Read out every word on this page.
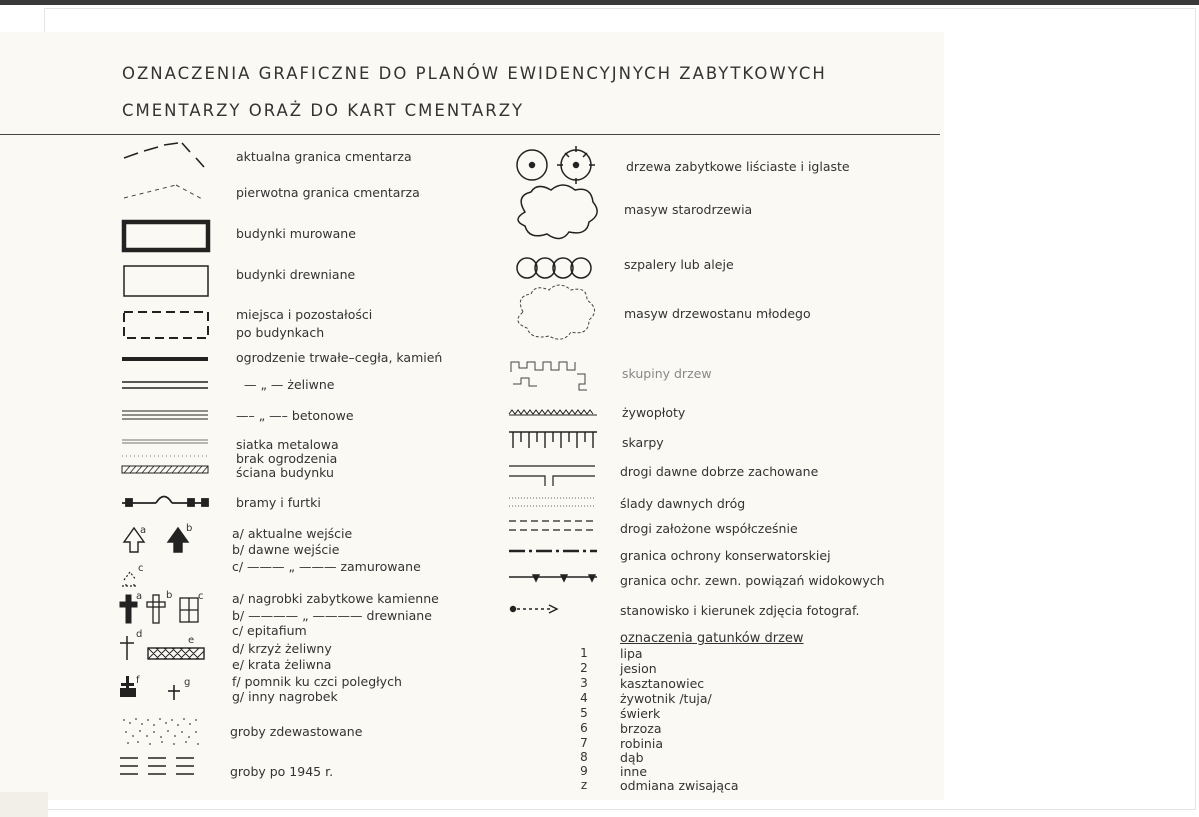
OZNACZENIA GRAFICZNE DO PLANÓW EWIDENCYJNYCH ZABYTKOWYCH
CMENTARZY ORAŻ DO KART CMENTARZY
a	b
c
a b	c
d
e
f	g
aktualna granica cmentarza
pierwotna granica cmentarza
budynki murowane
budynki drewniane
miejsca i pozostałości
po budynkach
ogrodzenie trwałe–cegła, kamień
— „ — żeliwne
—– „ —– betonowe
siatka metalowa
brak ogrodzenia
ściana budynku
bramy i furtki
a/ aktualne wejście
b/ dawne wejście
c/ ——— „ ——— zamurowane
a/ nagrobki zabytkowe kamienne
b/ ———— „ ———— drewniane
c/ epitafium
d/ krzyż żeliwny
e/ krata żeliwna
f/ pomnik ku czci poległych
g/ inny nagrobek
groby zdewastowane
groby po 1945 r.
drzewa zabytkowe liściaste i iglaste
masyw starodrzewia
szpalery lub aleje
masyw drzewostanu młodego
skupiny drzew
żywopłoty
skarpy
drogi dawne dobrze zachowane
ślady dawnych dróg
drogi założone współcześnie
granica ochrony konserwatorskiej
granica ochr. zewn. powiązań widokowych
stanowisko i kierunek zdjęcia fotograf.
oznaczenia gatunków drzew
1	lipa
2	jesion
3	kasztanowiec
4	żywotnik /tuja/
5	świerk
6	brzoza
7	robinia
8	dąb
9	inne
z	odmiana zwisająca
